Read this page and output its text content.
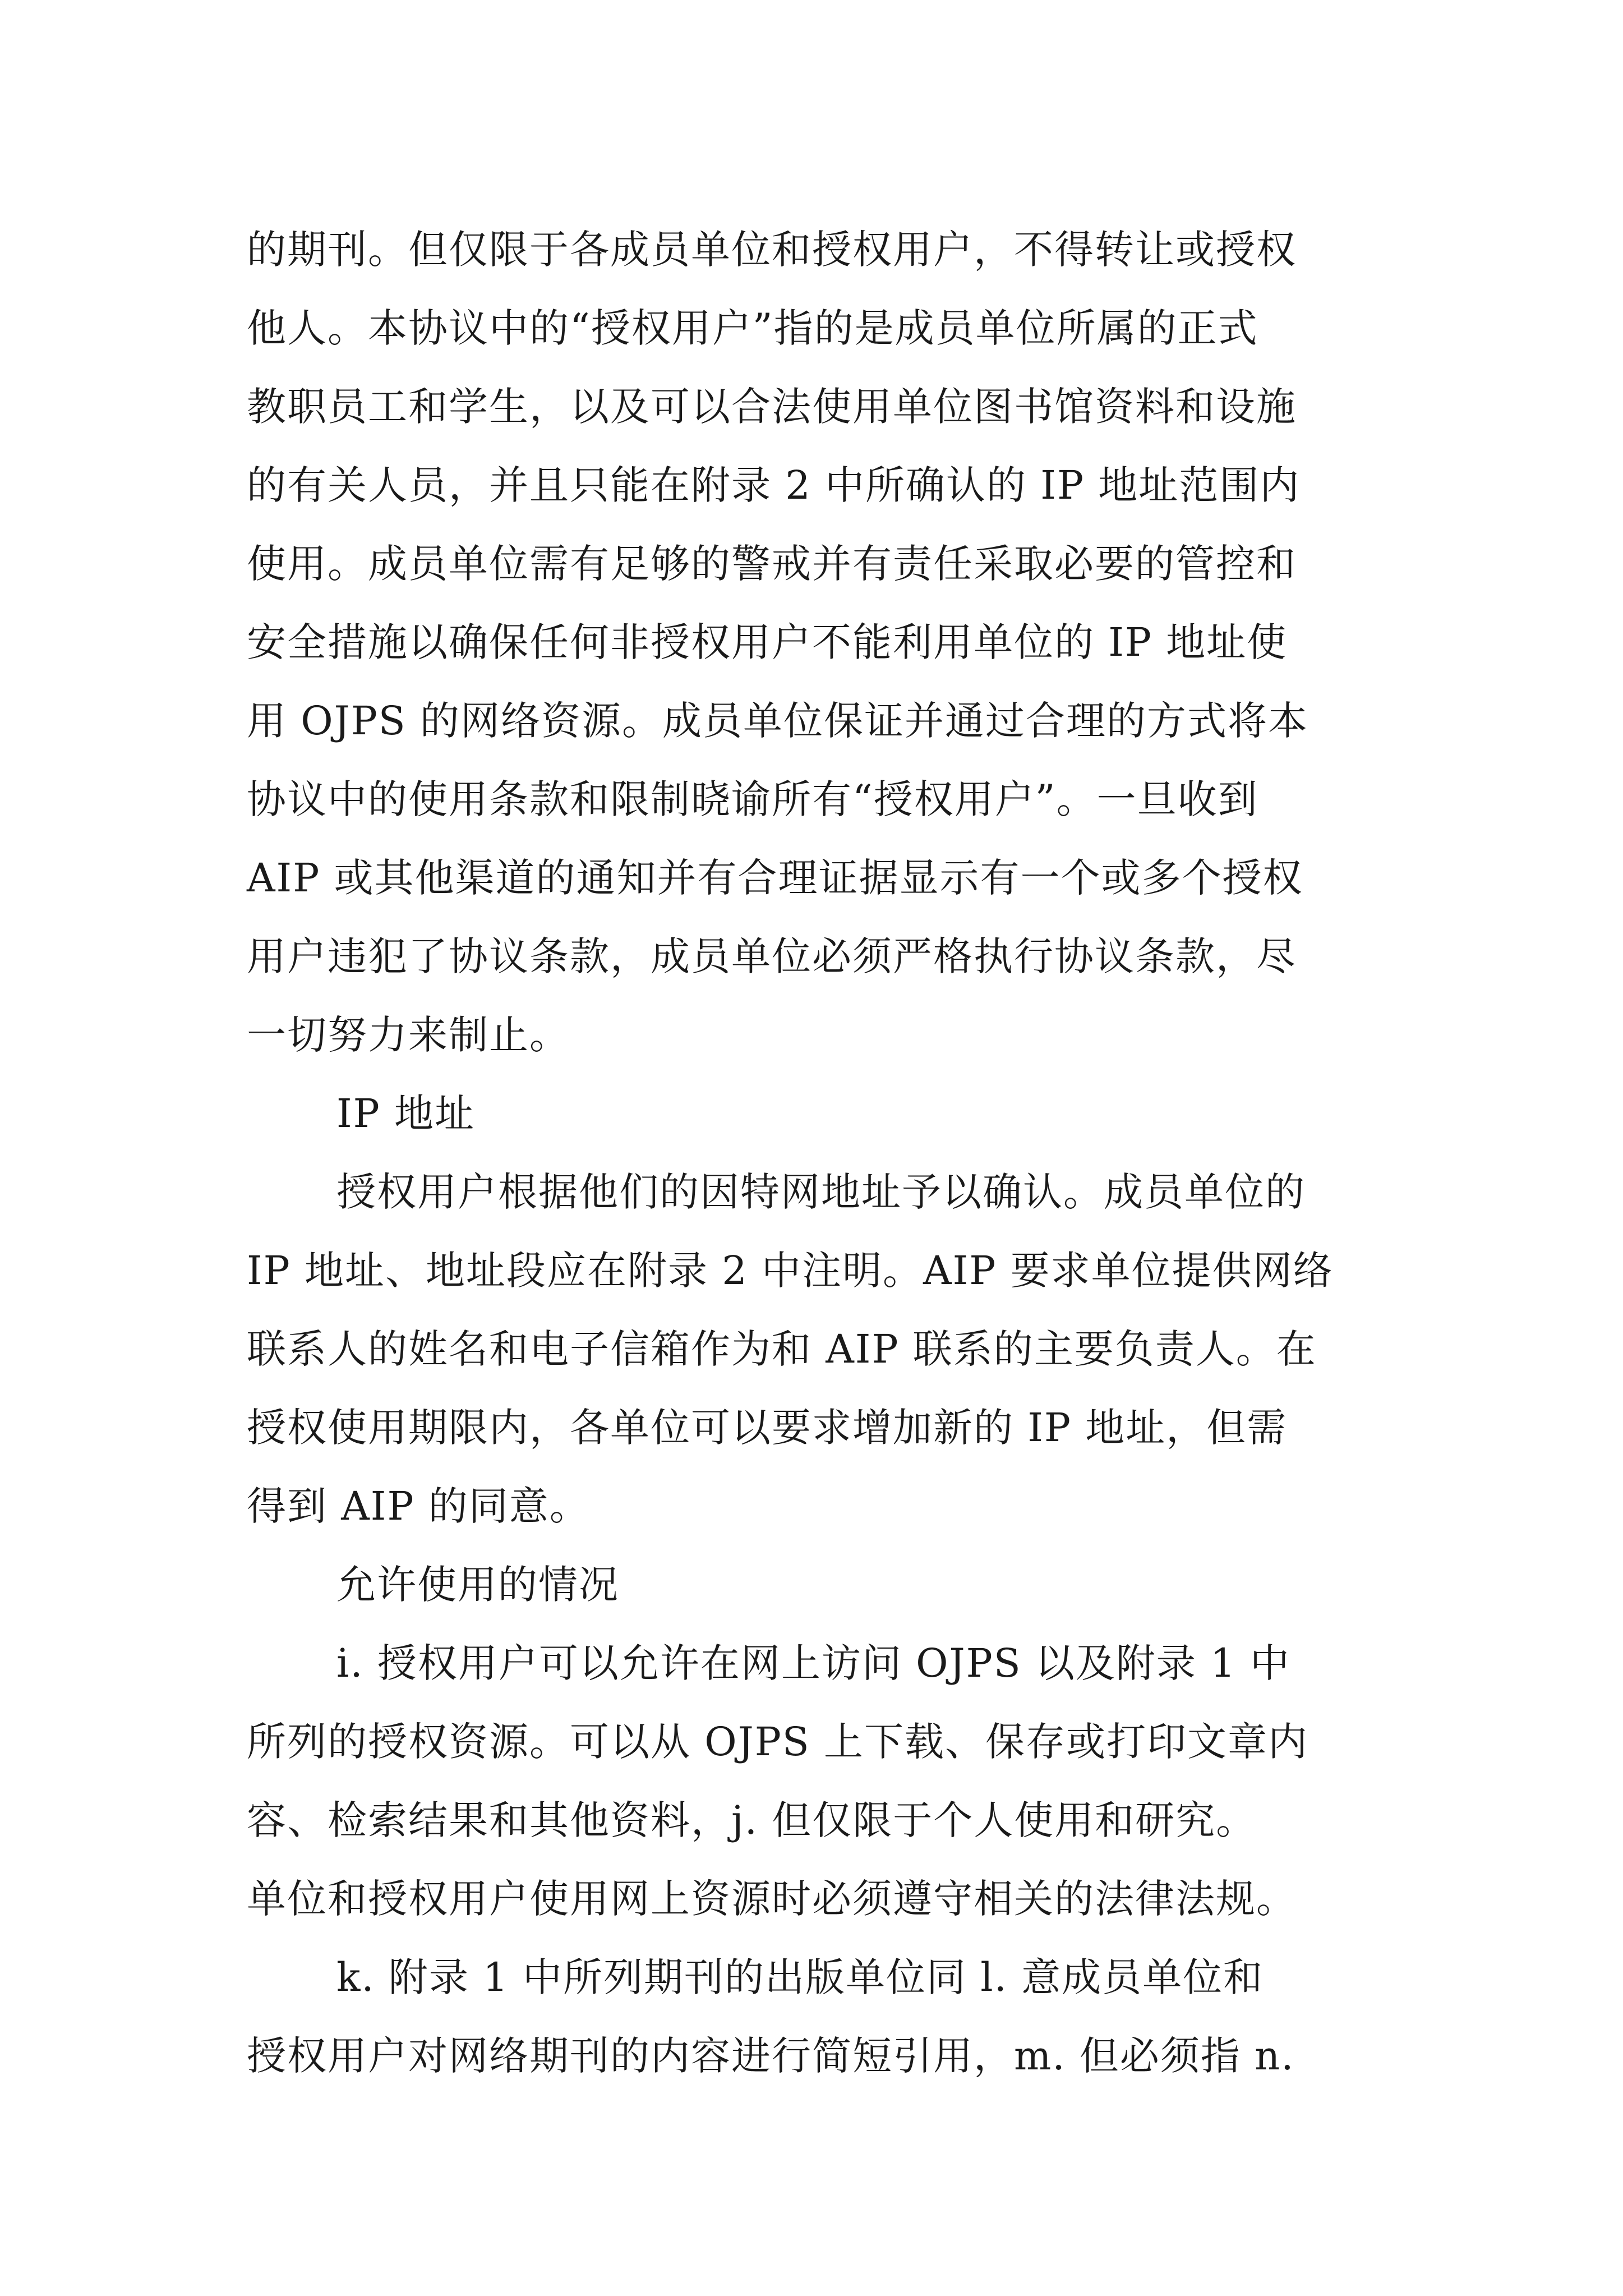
的期刊。但仅限于各成员单位和授权用户，不得转让或授权
他人。本协议中的“授权用户”指的是成员单位所属的正式
教职员工和学生，以及可以合法使用单位图书馆资料和设施
的有关人员，并且只能在附录 2 中所确认的 IP 地址范围内
使用。成员单位需有足够的警戒并有责任采取必要的管控和
安全措施以确保任何非授权用户不能利用单位的 IP 地址使
用 OJPS 的网络资源。成员单位保证并通过合理的方式将本
协议中的使用条款和限制晓谕所有“授权用户”。一旦收到
AIP 或其他渠道的通知并有合理证据显示有一个或多个授权
用户违犯了协议条款，成员单位必须严格执行协议条款，尽
一切努力来制止。
IP 地址
授权用户根据他们的因特网地址予以确认。成员单位的
IP 地址、地址段应在附录 2 中注明。AIP 要求单位提供网络
联系人的姓名和电子信箱作为和 AIP 联系的主要负责人。在
授权使用期限内，各单位可以要求增加新的 IP 地址，但需
得到 AIP 的同意。
允许使用的情况
i. 授权用户可以允许在网上访问 OJPS 以及附录 1 中
所列的授权资源。可以从 OJPS 上下载、保存或打印文章内
容、检索结果和其他资料，j. 但仅限于个人使用和研究。
单位和授权用户使用网上资源时必须遵守相关的法律法规。
k. 附录 1 中所列期刊的出版单位同 l. 意成员单位和
授权用户对网络期刊的内容进行简短引用，m. 但必须指 n.
